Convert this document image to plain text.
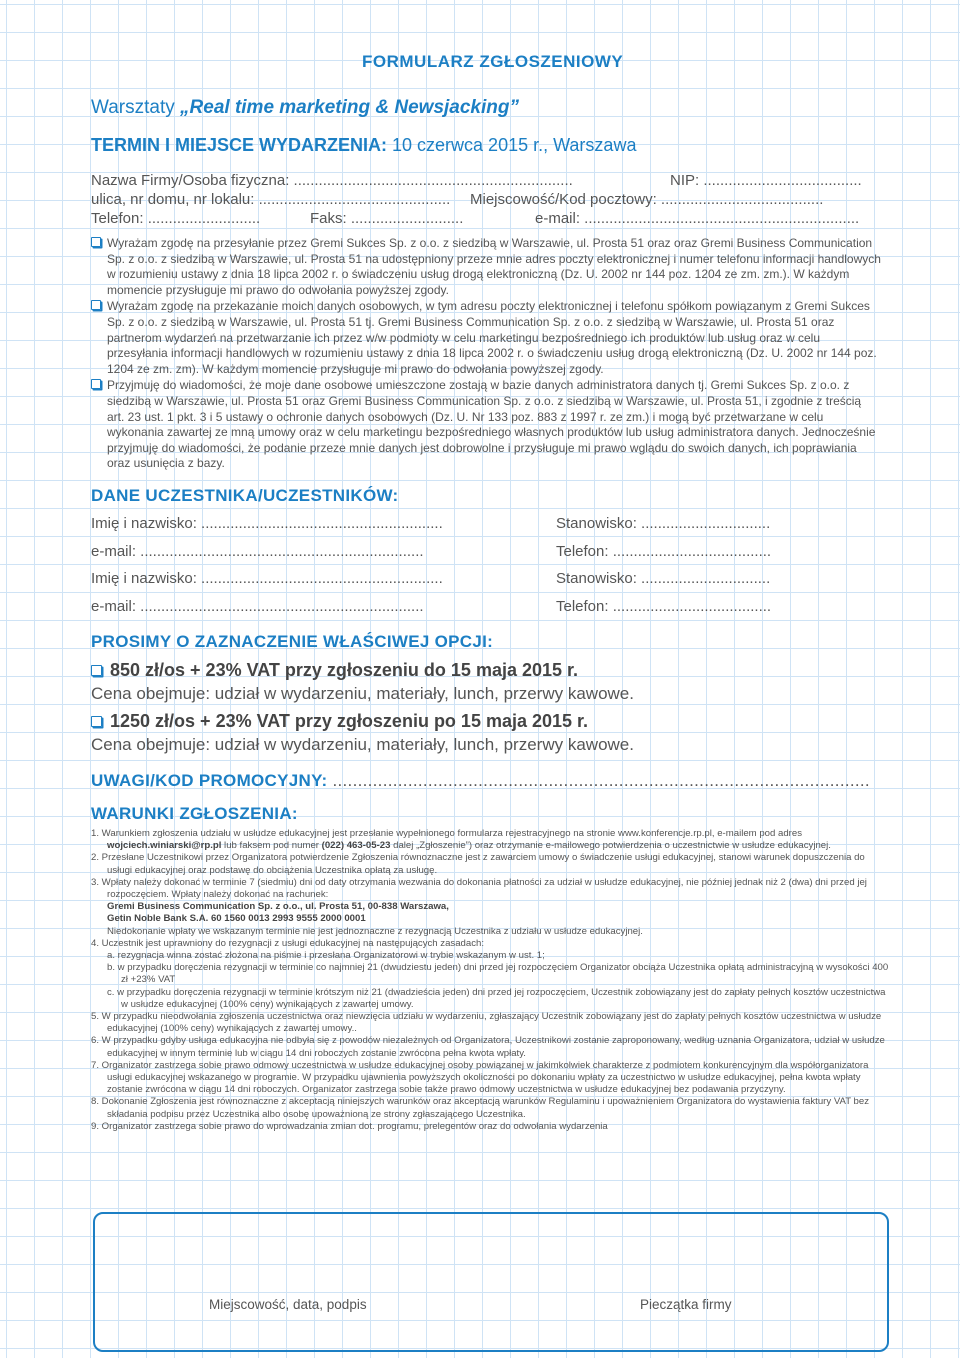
FORMULARZ ZGŁOSZENIOWY
Warsztaty „Real time marketing & Newsjacking”
TERMIN I MIEJSCE WYDARZENIA: 10 czerwca 2015 r., Warszawa
Nazwa Firmy/Osoba fizyczna: ...................................................................	NIP: ......................................
ulica, nr domu, nr lokalu: .............................................. Miejscowość/Kod pocztowy: .......................................
Telefon: ...........................	Faks: ...........................	e-mail: ..................................................................

Wyrażam zgodę na przesyłanie przez Gremi Sukces Sp. z o.o. z siedzibą w Warszawie, ul. Prosta 51 oraz oraz Gremi Business Communication Sp. z o.o. z siedzibą w Warszawie, ul. Prosta 51 na udostępniony przeze mnie adres poczty elektronicznej i numer telefonu informacji handlowych w rozumieniu ustawy z dnia 18 lipca 2002 r. o świadczeniu usług drogą elektroniczną (Dz. U. 2002 nr 144 poz. 1204 ze zm. zm.). W każdym momencie przysługuje mi prawo do odwołania powyższej zgody.

Wyrażam zgodę na przekazanie moich danych osobowych, w tym adresu poczty elektronicznej i telefonu spółkom powiązanym z Gremi Sukces Sp. z o.o. z siedzibą w Warszawie, ul. Prosta 51 tj. Gremi Business Communication Sp. z o.o. z siedzibą w Warszawie, ul. Prosta 51 oraz partnerom wydarzeń na przetwarzanie ich przez w/w podmioty w celu marketingu bezpośredniego ich produktów lub usług oraz w celu przesyłania informacji handlowych w rozumieniu ustawy z dnia 18 lipca 2002 r. o świadczeniu usług drogą elektroniczną (Dz. U. 2002 nr 144 poz. 1204 ze zm. zm). W każdym momencie przysługuje mi prawo do odwołania powyższej zgody.

Przyjmuję do wiadomości, że moje dane osobowe umieszczone zostają w bazie danych administratora danych tj. Gremi Sukces Sp. z o.o. z siedzibą w Warszawie, ul. Prosta 51 oraz Gremi Business Communication Sp. z o.o. z siedzibą w Warszawie, ul. Prosta 51, i zgodnie z treścią art. 23 ust. 1 pkt. 3 i 5 ustawy o ochronie danych osobowych (Dz. U. Nr 133 poz. 883 z 1997 r. ze zm.) i mogą być przetwarzane w celu wykonania zawartej ze mną umowy oraz w celu marketingu bezpośredniego własnych produktów lub usług administratora danych. Jednocześnie przyjmuję do wiadomości, że podanie przeze mnie danych jest dobrowolne i przysługuje mi prawo wglądu do swoich danych, ich poprawiania oraz usunięcia z bazy.

DANE UCZESTNIKA/UCZESTNIKÓW:
Imię i nazwisko: ..........................................................	Stanowisko: ...............................
e-mail: ....................................................................	Telefon: ......................................
Imię i nazwisko: ..........................................................	Stanowisko: ...............................
e-mail: ....................................................................	Telefon: ......................................
PROSIMY O ZAZNACZENIE WŁAŚCIWEJ OPCJI:
850 zł/os + 23% VAT przy zgłoszeniu do 15 maja 2015 r.
Cena obejmuje: udział w wydarzeniu, materiały, lunch, przerwy kawowe.
1250 zł/os + 23% VAT przy zgłoszeniu po 15 maja 2015 r.
Cena obejmuje: udział w wydarzeniu, materiały, lunch, przerwy kawowe.
UWAGI/KOD PROMOCYJNY: ...........................................................................................................
WARUNKI ZGŁOSZENIA:

1. Warunkiem zgłoszenia udziału w usłudze edukacyjnej jest przesłanie wypełnionego formularza rejestracyjnego na stronie www.konferencje.rp.pl, e-mailem pod adres wojciech.winiarski@rp.pl lub faksem pod numer (022) 463-05-23 dalej „Zgłoszenie”) oraz otrzymanie e-mailowego potwierdzenia o uczestnictwie w usłudze edukacyjnej.

2. Przesłane Uczestnikowi przez Organizatora potwierdzenie Zgłoszenia równoznaczne jest z zawarciem umowy o świadczenie usługi edukacyjnej, stanowi warunek dopuszczenia do usługi edukacyjnej oraz podstawę do obciążenia Uczestnika opłatą za usługę.

3. Wpłaty należy dokonać w terminie 7 (siedmiu) dni od daty otrzymania wezwania do dokonania płatności za udział w usłudze edukacyjnej, nie później jednak niż 2 (dwa) dni przed jej rozpoczęciem. Wpłaty należy dokonać na rachunek:

Gremi Business Communication Sp. z o.o., ul. Prosta 51, 00-838 Warszawa,
Getin Noble Bank S.A. 60 1560 0013 2993 9555 2000 0001
Niedokonanie wpłaty we wskazanym terminie nie jest jednoznaczne z rezygnacją Uczestnika z udziału w usłudze edukacyjnej.

4. Uczestnik jest uprawniony do rezygnacji z usługi edukacyjnej na następujących zasadach:

a. rezygnacja winna zostać złożona na piśmie i przesłana Organizatorowi w trybie wskazanym w ust. 1;

b. w przypadku doręczenia rezygnacji w terminie co najmniej 21 (dwudziestu jeden) dni przed jej rozpoczęciem Organizator obciąża Uczestnika opłatą administracyjną w wysokości 400 zł +23% VAT

c. w przypadku doręczenia rezygnacji w terminie krótszym niż 21 (dwadzieścia jeden) dni przed jej rozpoczęciem, Uczestnik zobowiązany jest do zapłaty pełnych kosztów uczestnictwa w usłudze edukacyjnej (100% ceny) wynikających z zawartej umowy.

5. W przypadku nieodwołania zgłoszenia uczestnictwa oraz niewzięcia udziału w wydarzeniu, zgłaszający Uczestnik zobowiązany jest do zapłaty pełnych kosztów uczestnictwa w usłudze edukacyjnej (100% ceny) wynikających z zawartej umowy..

6. W przypadku gdyby usługa edukacyjna nie odbyła się z powodów niezależnych od Organizatora, Uczestnikowi zostanie zaproponowany, według uznania Organizatora, udział w usłudze edukacyjnej w innym terminie lub w ciągu 14 dni roboczych zostanie zwrócona pełna kwota wpłaty.

7. Organizator zastrzega sobie prawo odmowy uczestnictwa w usłudze edukacyjnej osoby powiązanej w jakimkolwiek charakterze z podmiotem konkurencyjnym dla współorganizatora usługi edukacyjnej wskazanego w programie. W przypadku ujawnienia powyższych okoliczności po dokonaniu wpłaty za uczestnictwo w usłudze edukacyjnej, pełna kwota wpłaty zostanie zwrócona w ciągu 14 dni roboczych. Organizator zastrzega sobie także prawo odmowy uczestnictwa w usłudze edukacyjnej bez podawania przyczyny.

8. Dokonanie Zgłoszenia jest równoznaczne z akceptacją niniejszych warunków oraz akceptacją warunków Regulaminu i upoważnieniem Organizatora do wystawienia faktury VAT bez składania podpisu przez Uczestnika albo osobę upoważnioną ze strony zgłaszającego Uczestnika.

9. Organizator zastrzega sobie prawo do wprowadzania zmian dot. programu, prelegentów oraz do odwołania wydarzenia

Miejscowość, data, podpis	Pieczątka firmy
